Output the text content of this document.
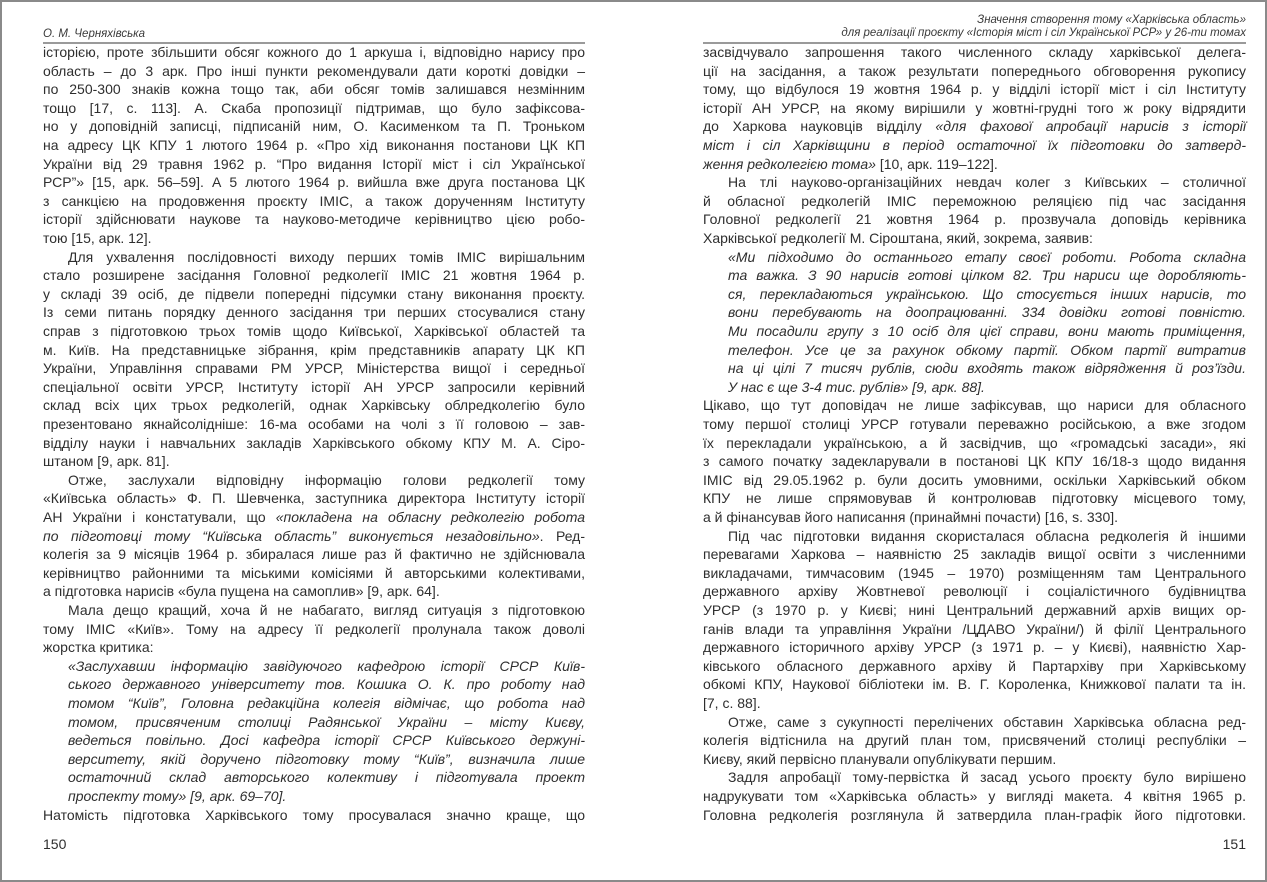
О. М. Черняхівська
історією, проте збільшити обсяг кожного до 1 аркуша і, відповідно нарису про
область – до 3 арк. Про інші пункти рекомендували дати короткі довідки –
по 250-300 знаків кожна тощо так, аби обсяг томів залишався незмінним
тощо [17, с. 113]. А. Скаба пропозиції підтримав, що було зафіксова-
но у доповідній записці, підписаній ним, О. Касименком та П. Троньком
на адресу ЦК КПУ 1 лютого 1964 р. «Про хід виконання постанови ЦК КП
України від 29 травня 1962 р. “Про видання Історії міст і сіл Української
РСР”» [15, арк. 56–59]. А 5 лютого 1964 р. вийшла вже друга постанова ЦК
з санкцією на продовження проєкту ІМІС, а також дорученням Інституту
історії здійснювати наукове та науково-методиче керівництво цією робо-
тою [15, арк. 12].
Для ухвалення послідовності виходу перших томів ІМІС вирішальним
стало розширене засідання Головної редколегії ІМІС 21 жовтня 1964 р.
у складі 39 осіб, де підвели попередні підсумки стану виконання проєкту.
Із семи питань порядку денного засідання три перших стосувалися стану
справ з підготовкою трьох томів щодо Київської, Харківської областей та
м. Київ. На представницьке зібрання, крім представників апарату ЦК КП
України, Управління справами РМ УРСР, Міністерства вищої і середньої
спеціальної освіти УРСР, Інституту історії АН УРСР запросили керівний
склад всіх цих трьох редколегій, однак Харківську облредколегію було
презентовано якнайсолідніше: 16-ма особами на чолі з її головою – зав-
відділу науки і навчальних закладів Харківського обкому КПУ М. А. Сіро-
штаном [9, арк. 81].
Отже, заслухали відповідну інформацію голови редколегії тому
«Київська область» Ф. П. Шевченка, заступника директора Інституту історії
АН України і констатували, що «покладена на обласну редколегію робота
по підготовці тому “Київська область” виконується незадовільно». Ред-
колегія за 9 місяців 1964 р. збиралася лише раз й фактично не здійснювала
керівництво районними та міськими комісіями й авторськими колективами,
а підготовка нарисів «була пущена на самоплив» [9, арк. 64].
Мала дещо кращий, хоча й не набагато, вигляд ситуація з підготовкою
тому ІМІС «Київ». Тому на адресу її редколегії пролунала також доволі
жорстка критика:
«Заслухавши інформацію завідуючого кафедрою історії СРСР Київ-
ського державного університету тов. Кошика О. К. про роботу над
томом “Київ”, Головна редакційна колегія відмічає, що робота над
томом, присвяченим столиці Радянської України – місту Києву,
ведеться повільно. Досі кафедра історії СРСР Київського держуні-
верситету, якій доручено підготовку тому “Київ”, визначила лише
остаточний склад авторського колективу і підготувала проект
проспекту тому» [9, арк. 69–70].
Натомість підготовка Харківського тому просувалася значно краще, що
150
Значення створення тому «Харківська область»
для реалізації проєкту «Історія міст і сіл Української РСР» у 26-ти томах
засвідчувало запрошення такого численного складу харківської делега-
ції на засідання, а також результати попереднього обговорення рукопису
тому, що відбулося 19 жовтня 1964 р. у відділі історії міст і сіл Інституту
історії АН УРСР, на якому вирішили у жовтні-грудні того ж року відрядити
до Харкова науковців відділу «для фахової апробації нарисів з історії
міст і сіл Харківщини в період остаточної їх підготовки до затверд-
ження редколегією тома» [10, арк. 119–122].
На тлі науково-організаційних невдач колег з Київських – столичної
й обласної редколегій ІМІС переможною реляцією під час засідання
Головної редколегії 21 жовтня 1964 р. прозвучала доповідь керівника
Харківської редколегії М. Сіроштана, який, зокрема, заявив:
«Ми підходимо до останнього етапу своєї роботи. Робота складна
та важка. З 90 нарисів готові цілком 82. Три нариси ще доробляють-
ся, перекладаються українською. Що стосується інших нарисів, то
вони перебувають на доопрацюванні. 334 довідки готові повністю.
Ми посадили групу з 10 осіб для цієї справи, вони мають приміщення,
телефон. Усе це за рахунок обкому партії. Обком партії витратив
на ці цілі 7 тисяч рублів, сюди входять також відрядження й роз’їзди.
У нас є ще 3-4 тис. рублів» [9, арк. 88].
Цікаво, що тут доповідач не лише зафіксував, що нариси для обласного
тому першої столиці УРСР готували переважно російською, а вже згодом
їх перекладали українською, а й засвідчив, що «громадські засади», які
з самого початку задекларували в постанові ЦК КПУ 16/18-з щодо видання
ІМІС від 29.05.1962 р. були досить умовними, оскільки Харківський обком
КПУ не лише спрямовував й контролював підготовку місцевого тому,
а й фінансував його написання (принаймні почасти) [16, s. 330].
Під час підготовки видання скористалася обласна редколегія й іншими
перевагами Харкова – наявністю 25 закладів вищої освіти з численними
викладачами, тимчасовим (1945 – 1970) розміщенням там Центрального
державного архіву Жовтневої революції і соціалістичного будівництва
УРСР (з 1970 р. у Києві; нині Центральний державний архів вищих ор-
ганів влади та управління України /ЦДАВО України/) й філії Центрального
державного історичного архіву УРСР (з 1971 р. – у Києві), наявністю Хар-
ківського обласного державного архіву й Партархіву при Харківському
обкомі КПУ, Наукової бібліотеки ім. В. Г. Короленка, Книжкової палати та ін.
[7, с. 88].
Отже, саме з сукупності перелічених обставин Харківська обласна ред-
колегія відтіснила на другий план том, присвячений столиці республіки –
Києву, який первісно планували опублікувати першим.
Задля апробації тому-первістка й засад усього проєкту було вирішено
надрукувати том «Харківська область» у вигляді макета. 4 квітня 1965 р.
Головна редколегія розглянула й затвердила план-графік його підготовки.
151
